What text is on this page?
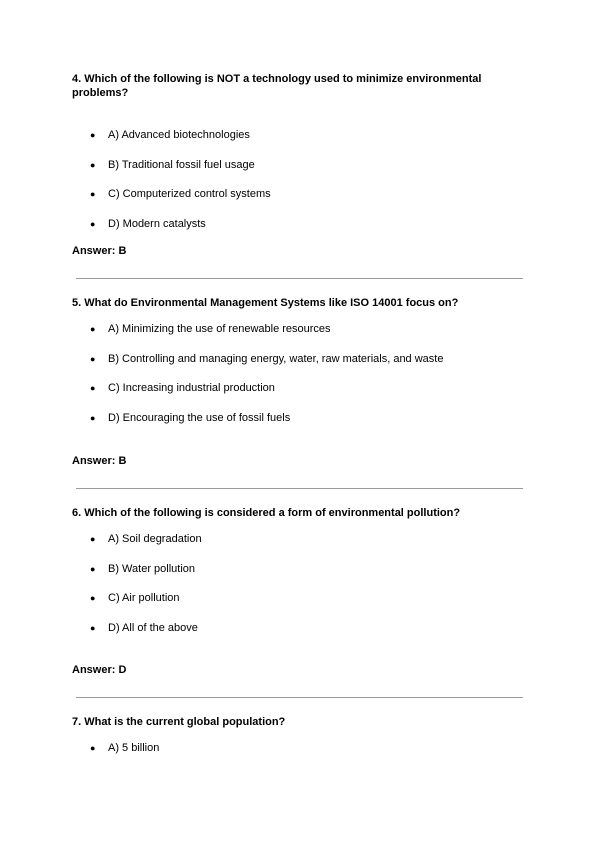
4. Which of the following is NOT a technology used to minimize environmental problems?

● A) Advanced biotechnologies
● B) Traditional fossil fuel usage
● C) Computerized control systems
● D) Modern catalysts
Answer: B

5. What do Environmental Management Systems like ISO 14001 focus on?

● A) Minimizing the use of renewable resources
● B) Controlling and managing energy, water, raw materials, and waste
● C) Increasing industrial production
● D) Encouraging the use of fossil fuels
Answer: B

6. Which of the following is considered a form of environmental pollution?

● A) Soil degradation
● B) Water pollution
● C) Air pollution
● D) All of the above
Answer: D

7. What is the current global population?

● A) 5 billion
